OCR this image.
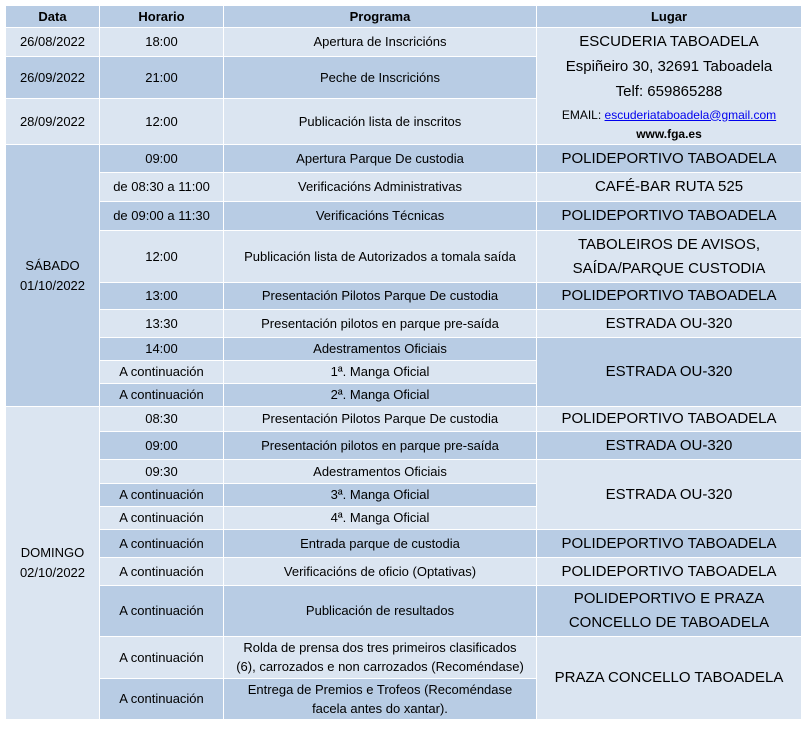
Data	Horario	Programa	Lugar
26/08/2022	18:00	Apertura de Inscricións	ESCUDERIA TABOADELA
Espiñeiro 30, 32691 Taboadela
Telf: 659865288
EMAIL: escuderiataboadela@gmail.com
www.fga.es

26/09/2022	21:00	Peche de Inscricións	
28/09/2022	12:00	Publicación lista de inscritos	

SÁBADO
01/10/2022	09:00	Apertura Parque De custodia	POLIDEPORTIVO TABOADELA
	de 08:30 a 11:00	Verificacións Administrativas	CAFÉ-BAR RUTA 525
	de 09:00 a 11:30	Verificacións Técnicas	POLIDEPORTIVO TABOADELA
	12:00	Publicación lista de Autorizados a tomala saída	TABOLEIROS DE AVISOS,
SAÍDA/PARQUE CUSTODIA

	13:00	Presentación Pilotos Parque De custodia	POLIDEPORTIVO TABOADELA
	13:30	Presentación pilotos en parque pre-saída	ESTRADA OU-320
	14:00	Adestramentos Oficiais	ESTRADA OU-320
	A continuación	1ª. Manga Oficial	
	A continuación	2ª. Manga Oficial	

DOMINGO
02/10/2022	08:30	Presentación Pilotos Parque De custodia	POLIDEPORTIVO TABOADELA
	09:00	Presentación pilotos en parque pre-saída	ESTRADA OU-320
	09:30	Adestramentos Oficiais	ESTRADA OU-320
	A continuación	3ª. Manga Oficial	
	A continuación	4ª. Manga Oficial	
	A continuación	Entrada parque de custodia	POLIDEPORTIVO TABOADELA
	A continuación	Verificacións de oficio (Optativas)	POLIDEPORTIVO TABOADELA
	A continuación	Publicación de resultados	POLIDEPORTIVO E PRAZA
CONCELLO DE TABOADELA

	A continuación	Rolda de prensa dos tres primeiros clasificados
(6), carrozados e non carrozados (Recoméndase)	PRAZA CONCELLO TABOADELA
	A continuación	Entrega de Premios e Trofeos (Recoméndase
facela antes do xantar).	
